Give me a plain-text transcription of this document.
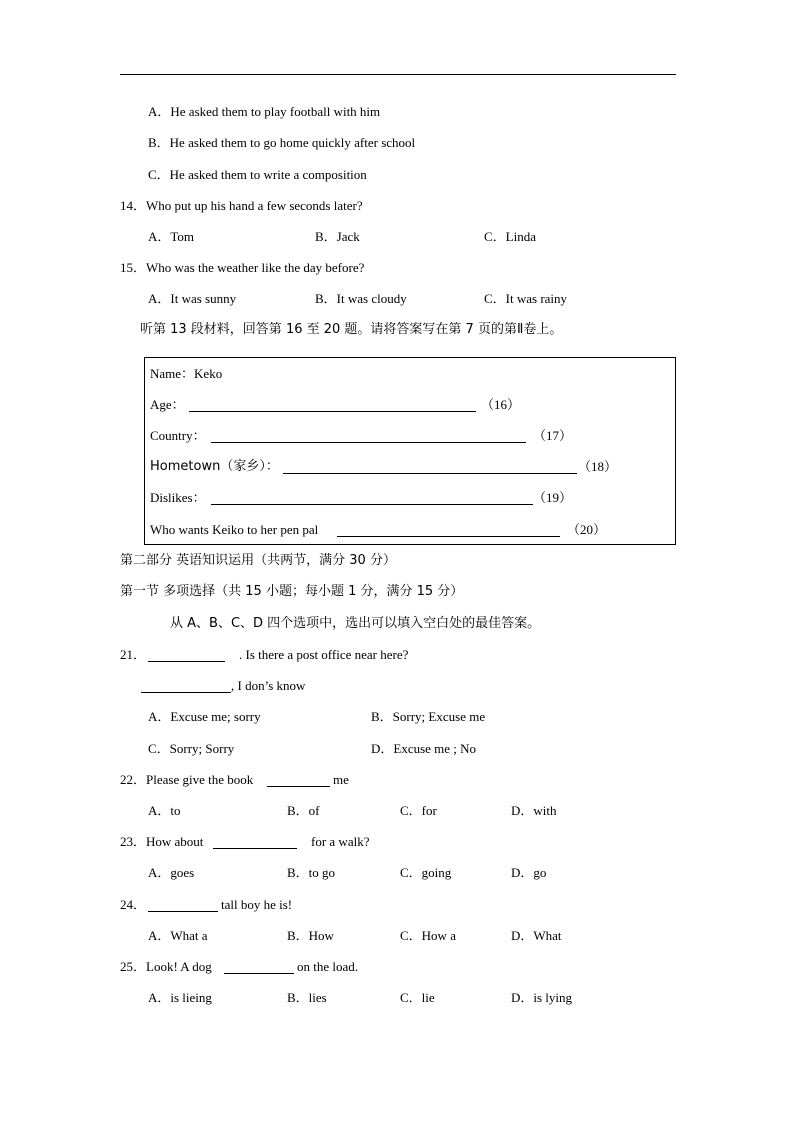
A．He asked them to play football with him
B．He asked them to go home quickly after school
C．He asked them to write a composition
14．Who put up his hand a few seconds later?
A．Tom	B．Jack	C．Linda
15．Who was the weather like the day before?
A．It was sunny	B．It was cloudy	C．It was rainy
听第 13 段材料，回答第 16 至 20 题。请将答案写在第 7 页的第Ⅱ卷上。
Name：Keko
Age：	（16）
Country：	（17）
Hometown（家乡）：	（18）
Dislikes：	（19）
Who wants Keiko to her pen pal	（20）
第二部分 英语知识运用（共两节，满分 30 分）
第一节 多项选择（共 15 小题；每小题 1 分，满分 15 分）
从 A、B、C、D 四个选项中，选出可以填入空白处的最佳答案。
21．	. Is there a post office near here?
, I don’s know
A．Excuse me; sorry	B．Sorry; Excuse me
C．Sorry; Sorry	D．Excuse me ; No
22．Please give the book	me
A．to	B．of	C．for	D．with
23．How about	for a walk?
A．goes	B．to go	C．going	D．go
24．	tall boy he is!
A．What a	B．How	C．How a	D．What
25．Look! A dog	on the load.
A．is lieing	B．lies	C．lie	D．is lying
